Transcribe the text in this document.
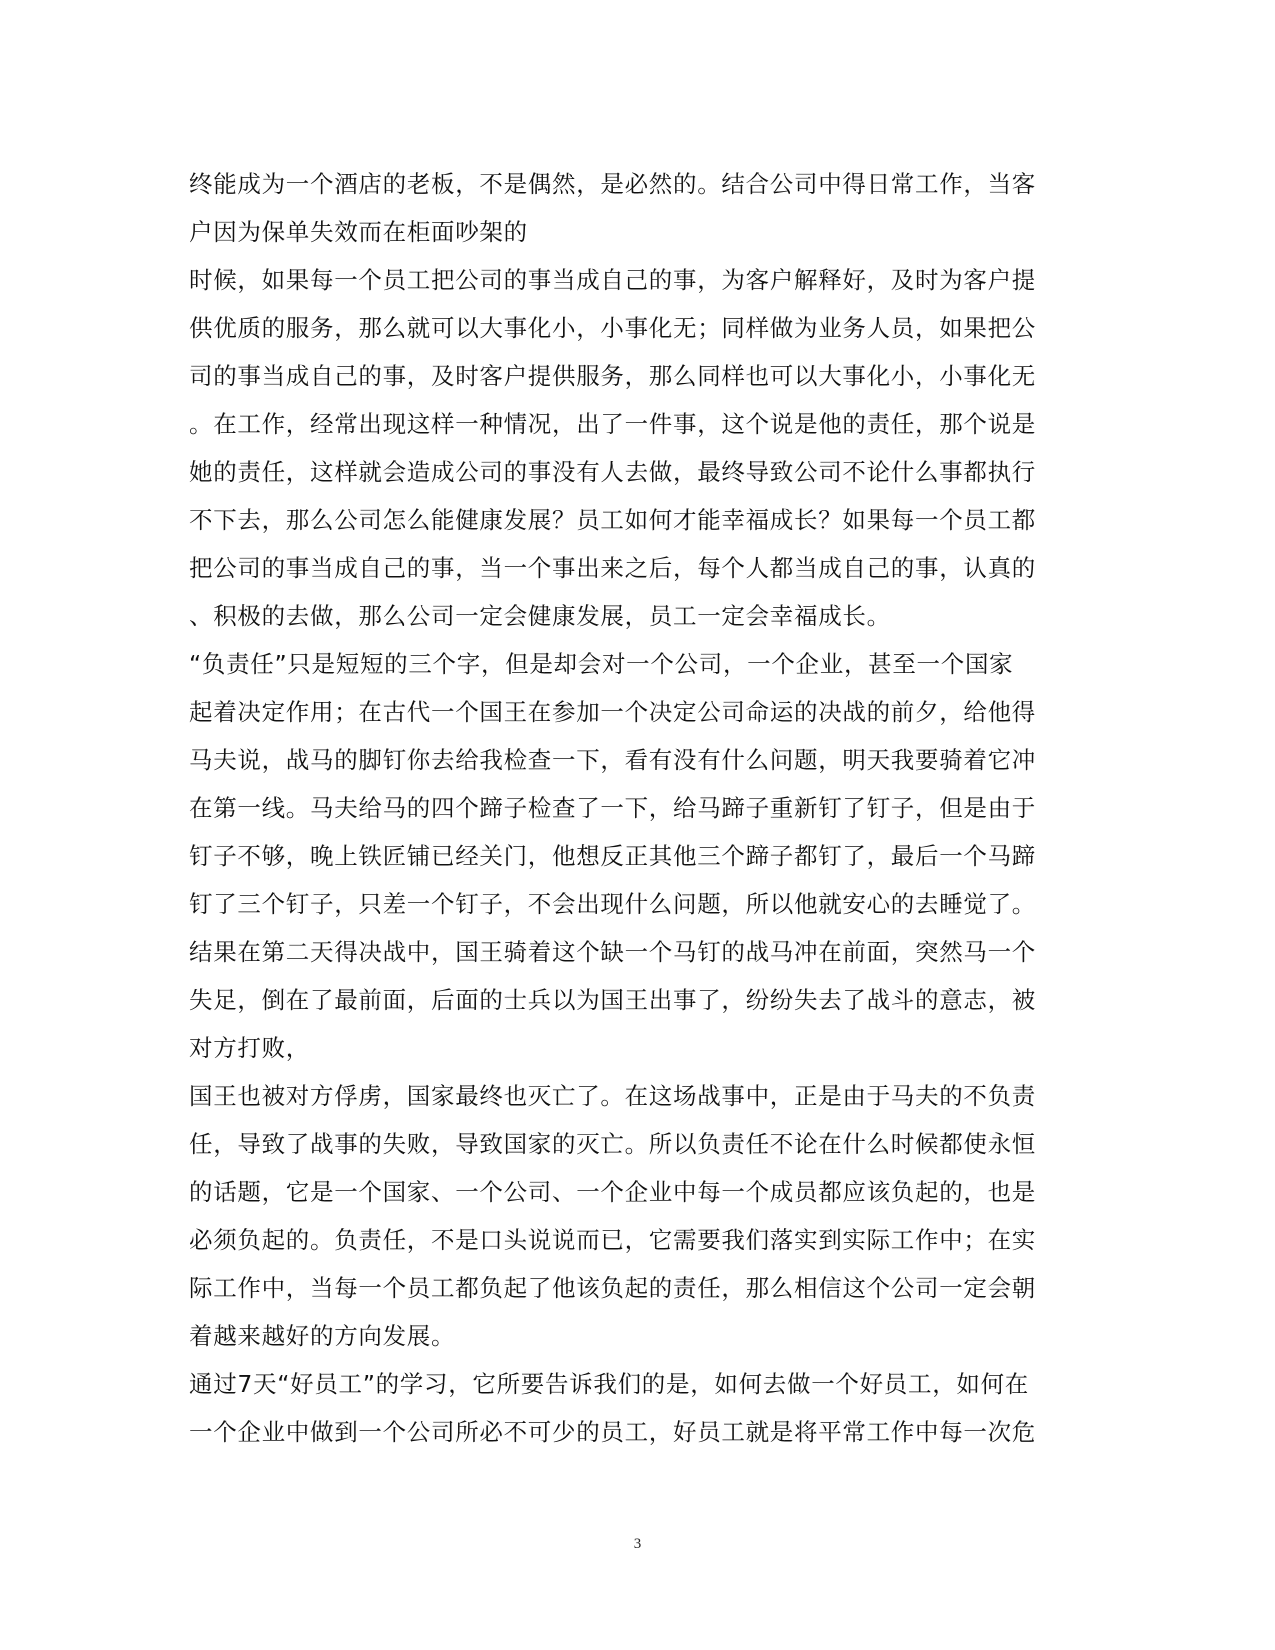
终能成为一个酒店的老板，不是偶然，是必然的。结合公司中得日常工作，当客
户因为保单失效而在柜面吵架的
时候，如果每一个员工把公司的事当成自己的事，为客户解释好，及时为客户提
供优质的服务，那么就可以大事化小，小事化无；同样做为业务人员，如果把公
司的事当成自己的事，及时客户提供服务，那么同样也可以大事化小，小事化无
。在工作，经常出现这样一种情况，出了一件事，这个说是他的责任，那个说是
她的责任，这样就会造成公司的事没有人去做，最终导致公司不论什么事都执行
不下去，那么公司怎么能健康发展？员工如何才能幸福成长？如果每一个员工都
把公司的事当成自己的事，当一个事出来之后，每个人都当成自己的事，认真的
、积极的去做，那么公司一定会健康发展，员工一定会幸福成长。
“负责任”只是短短的三个字，但是却会对一个公司，一个企业，甚至一个国家
起着决定作用；在古代一个国王在参加一个决定公司命运的决战的前夕，给他得
马夫说，战马的脚钉你去给我检查一下，看有没有什么问题，明天我要骑着它冲
在第一线。马夫给马的四个蹄子检查了一下，给马蹄子重新钉了钉子，但是由于
钉子不够，晚上铁匠铺已经关门，他想反正其他三个蹄子都钉了，最后一个马蹄
钉了三个钉子，只差一个钉子，不会出现什么问题，所以他就安心的去睡觉了。
结果在第二天得决战中，国王骑着这个缺一个马钉的战马冲在前面，突然马一个
失足，倒在了最前面，后面的士兵以为国王出事了，纷纷失去了战斗的意志，被
对方打败，
国王也被对方俘虏，国家最终也灭亡了。在这场战事中，正是由于马夫的不负责
任，导致了战事的失败，导致国家的灭亡。所以负责任不论在什么时候都使永恒
的话题，它是一个国家、一个公司、一个企业中每一个成员都应该负起的，也是
必须负起的。负责任，不是口头说说而已，它需要我们落实到实际工作中；在实
际工作中，当每一个员工都负起了他该负起的责任，那么相信这个公司一定会朝
着越来越好的方向发展。
通过7天“好员工”的学习，它所要告诉我们的是，如何去做一个好员工，如何在
一个企业中做到一个公司所必不可少的员工，好员工就是将平常工作中每一次危
3
